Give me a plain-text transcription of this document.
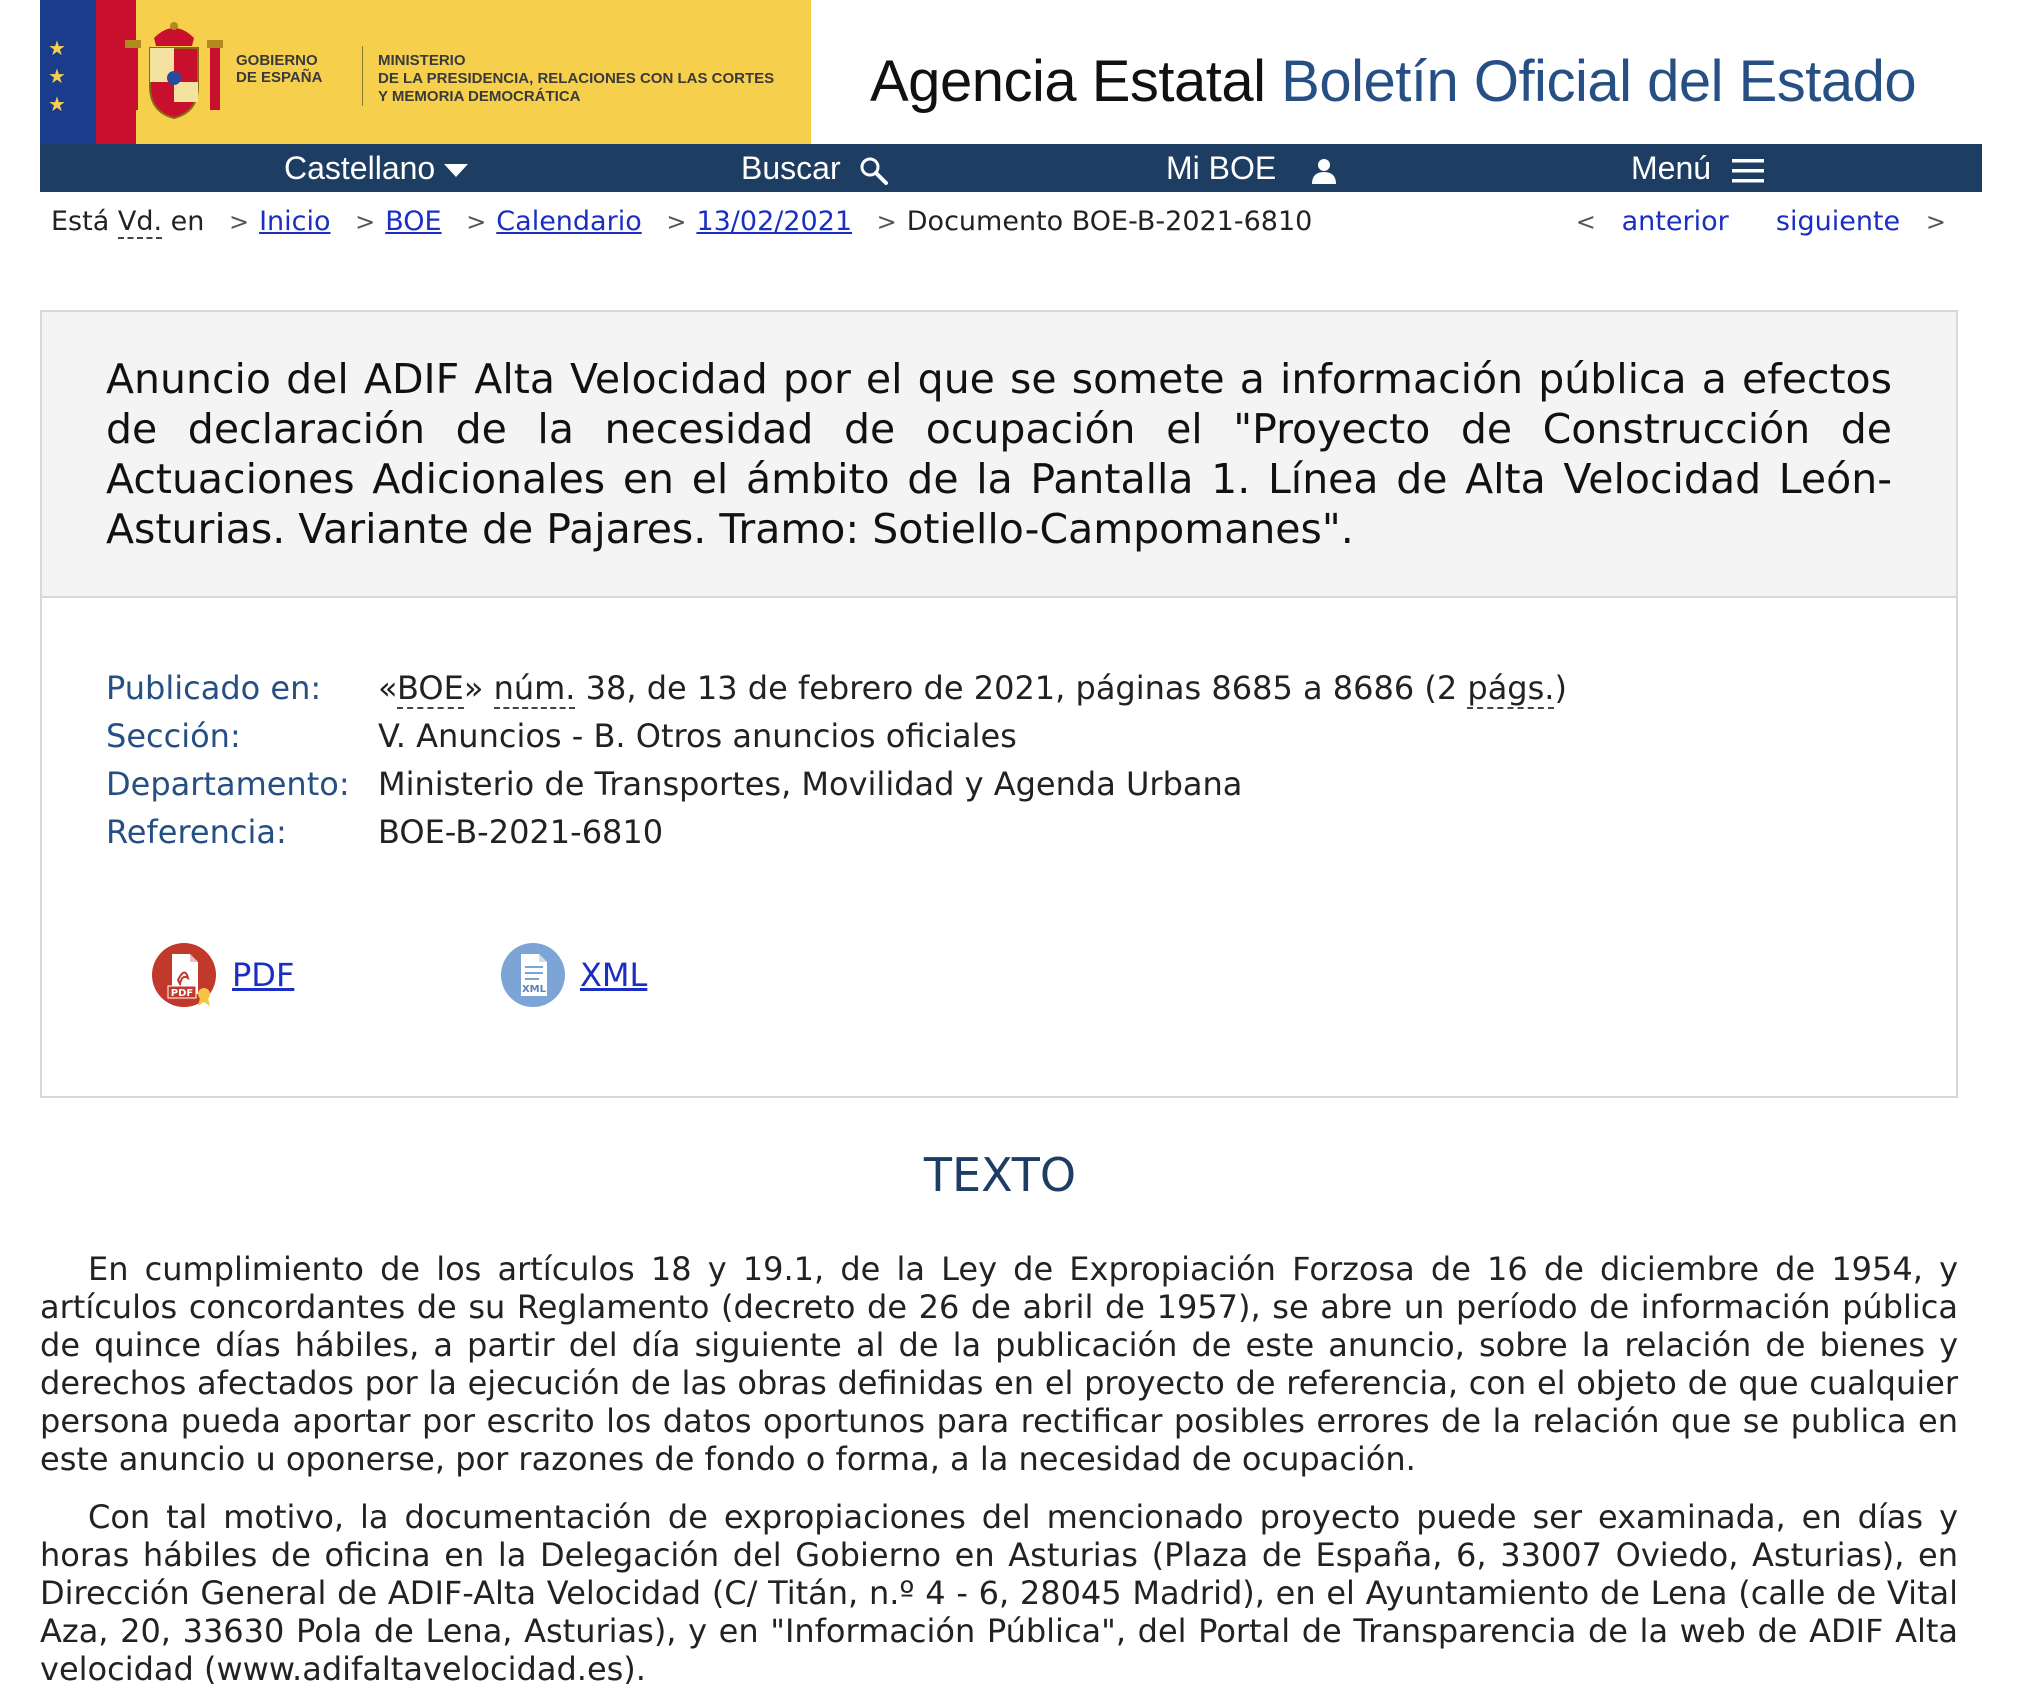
★
★
★
GOBIERNO
DE ESPAÑA
MINISTERIO
DE LA PRESIDENCIA, RELACIONES CON LAS CORTES
Y MEMORIA DEMOCRÁTICA	Agencia Estatal Boletín Oficial del Estado
Castellano	Buscar	Mi BOE	Menú
Está Vd. en > Inicio > BOE > Calendario > 13/02/2021 > Documento BOE-B-2021-6810	< anterior siguiente >
Anuncio del ADIF Alta Velocidad por el que se somete a información pública a efectos de declaración de la necesidad de ocupación el "Proyecto de Construcción de Actuaciones Adicionales en el ámbito de la Pantalla 1. Línea de Alta Velocidad León-Asturias. Variante de Pajares. Tramo: Sotiello-Campomanes".
Publicado en: «BOE» núm. 38, de 13 de febrero de 2021, páginas 8685 a 8686 (2 págs.)
Sección:	V. Anuncios - B. Otros anuncios oficiales
Departamento: Ministerio de Transportes, Movilidad y Agenda Urbana
Referencia:	BOE-B-2021-6810
PDF PDF	XML XML
TEXTO

En cumplimiento de los artículos 18 y 19.1, de la Ley de Expropiación Forzosa de 16 de diciembre de 1954, y artículos concordantes de su Reglamento (decreto de 26 de abril de 1957), se abre un período de información pública de quince días hábiles, a partir del día siguiente al de la publicación de este anuncio, sobre la relación de bienes y derechos afectados por la ejecución de las obras definidas en el proyecto de referencia, con el objeto de que cualquier persona pueda aportar por escrito los datos oportunos para rectificar posibles errores de la relación que se publica en este anuncio u oponerse, por razones de fondo o forma, a la necesidad de ocupación.

Con tal motivo, la documentación de expropiaciones del mencionado proyecto puede ser examinada, en días y horas hábiles de oficina en la Delegación del Gobierno en Asturias (Plaza de España, 6, 33007 Oviedo, Asturias), en Dirección General de ADIF-Alta Velocidad (C/ Titán, n.º 4 - 6, 28045 Madrid), en el Ayuntamiento de Lena (calle de Vital Aza, 20, 33630 Pola de Lena, Asturias), y en "Información Pública", del Portal de Transparencia de la web de ADIF Alta velocidad (www.adifaltavelocidad.es).
